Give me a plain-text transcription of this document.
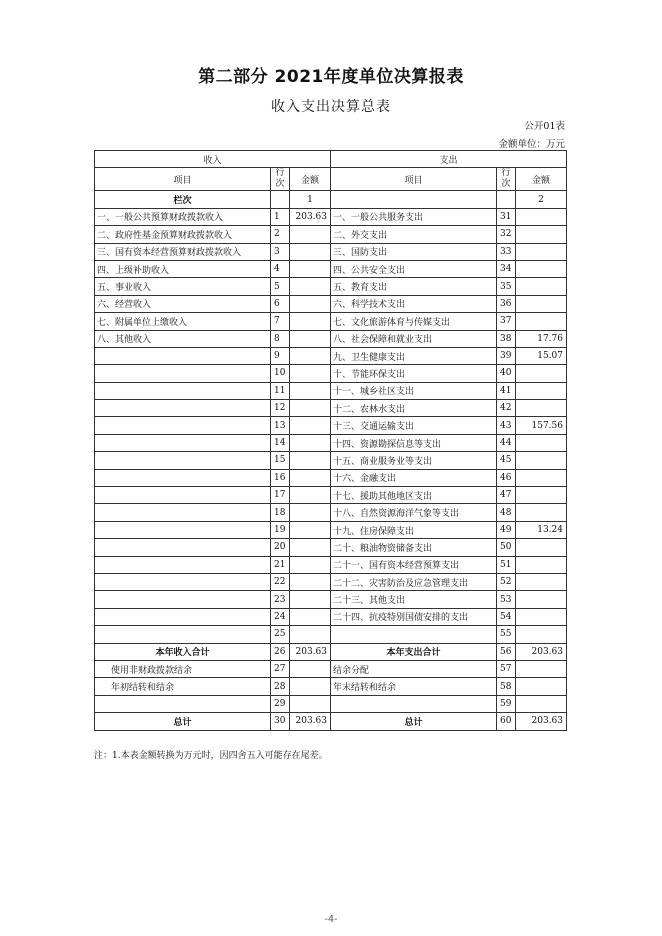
第二部分 2021年度单位决算报表
收入支出决算总表
公开01表
金额单位：万元
收入			支出		
项目	行次	金额	项目	行次	金额
栏次		1			2
一、一般公共预算财政拨款收入	1	203.63	一、一般公共服务支出	31	
二、政府性基金预算财政拨款收入	2		二、外交支出	32	
三、国有资本经营预算财政拨款收入	3		三、国防支出	33	
四、上级补助收入	4		四、公共安全支出	34	
五、事业收入	5		五、教育支出	35	
六、经营收入	6		六、科学技术支出	36	
七、附属单位上缴收入	7		七、文化旅游体育与传媒支出	37	
八、其他收入	8		八、社会保障和就业支出	38	17.76
	9		九、卫生健康支出	39	15.07
	10		十、节能环保支出	40	
	11		十一、城乡社区支出	41	
	12		十二、农林水支出	42	
	13		十三、交通运输支出	43	157.56
	14		十四、资源勘探信息等支出	44	
	15		十五、商业服务业等支出	45	
	16		十六、金融支出	46	
	17		十七、援助其他地区支出	47	
	18		十八、自然资源海洋气象等支出	48	
	19		十九、住房保障支出	49	13.24
	20		二十、粮油物资储备支出	50	
	21		二十一、国有资本经营预算支出	51	
	22		二十二、灾害防治及应急管理支出	52	
	23		二十三、其他支出	53	
	24		二十四、抗疫特别国债安排的支出	54	
	25			55	
本年收入合计	26	203.63	本年支出合计	56	203.63
使用非财政拨款结余	27		结余分配	57	
年初结转和结余	28		年末结转和结余	58	
	29			59	
总计	30	203.63	总计	60	203.63
注：1.本表金额转换为万元时，因四舍五入可能存在尾差。
-4-
